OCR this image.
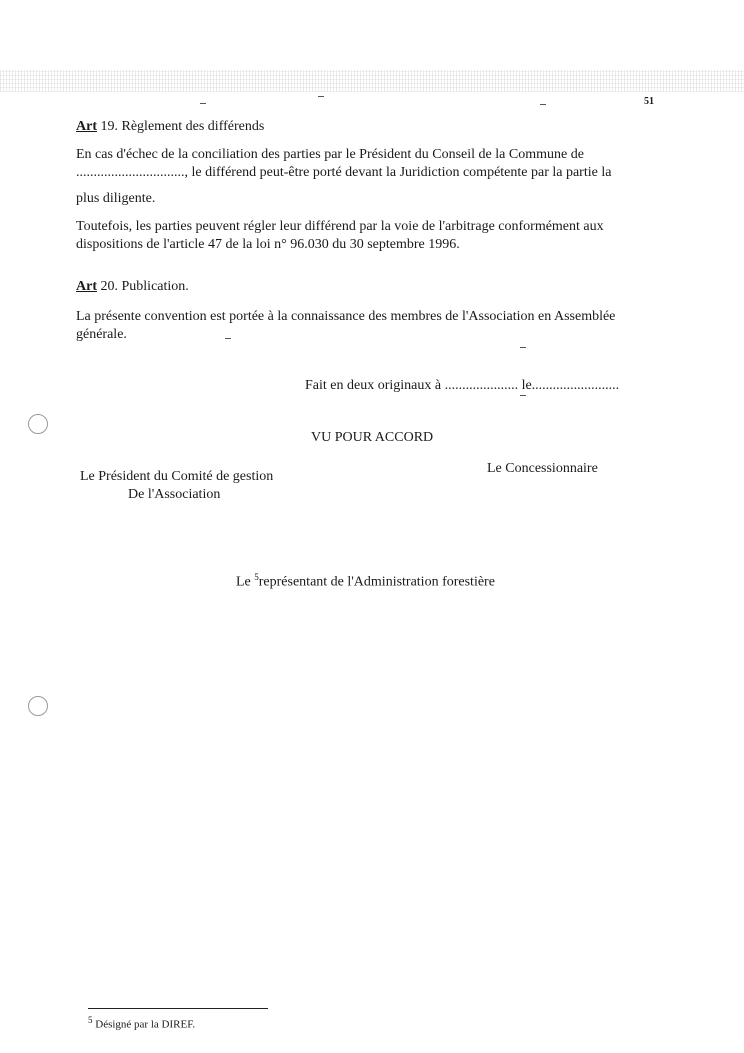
51
Art 19. Règlement des différends
En cas d'échec de la conciliation des parties par le Président du Conseil de la Commune de
..............................., le différend peut-être porté devant la Juridiction compétente par la partie la
plus diligente.
Toutefois, les parties peuvent régler leur différend par la voie de l'arbitrage conformément aux
dispositions de l'article 47 de la loi n° 96.030 du 30 septembre 1996.
Art 20. Publication.
La présente convention est portée à la connaissance des membres de l'Association en Assemblée
générale.
Fait en deux originaux à ..................... le.........................
VU POUR ACCORD
Le Président du Comité de gestion
De l'Association
Le Concessionnaire
Le $^5$représentant de l'Administration forestière
$^5$ Désigné par la DIREF.
